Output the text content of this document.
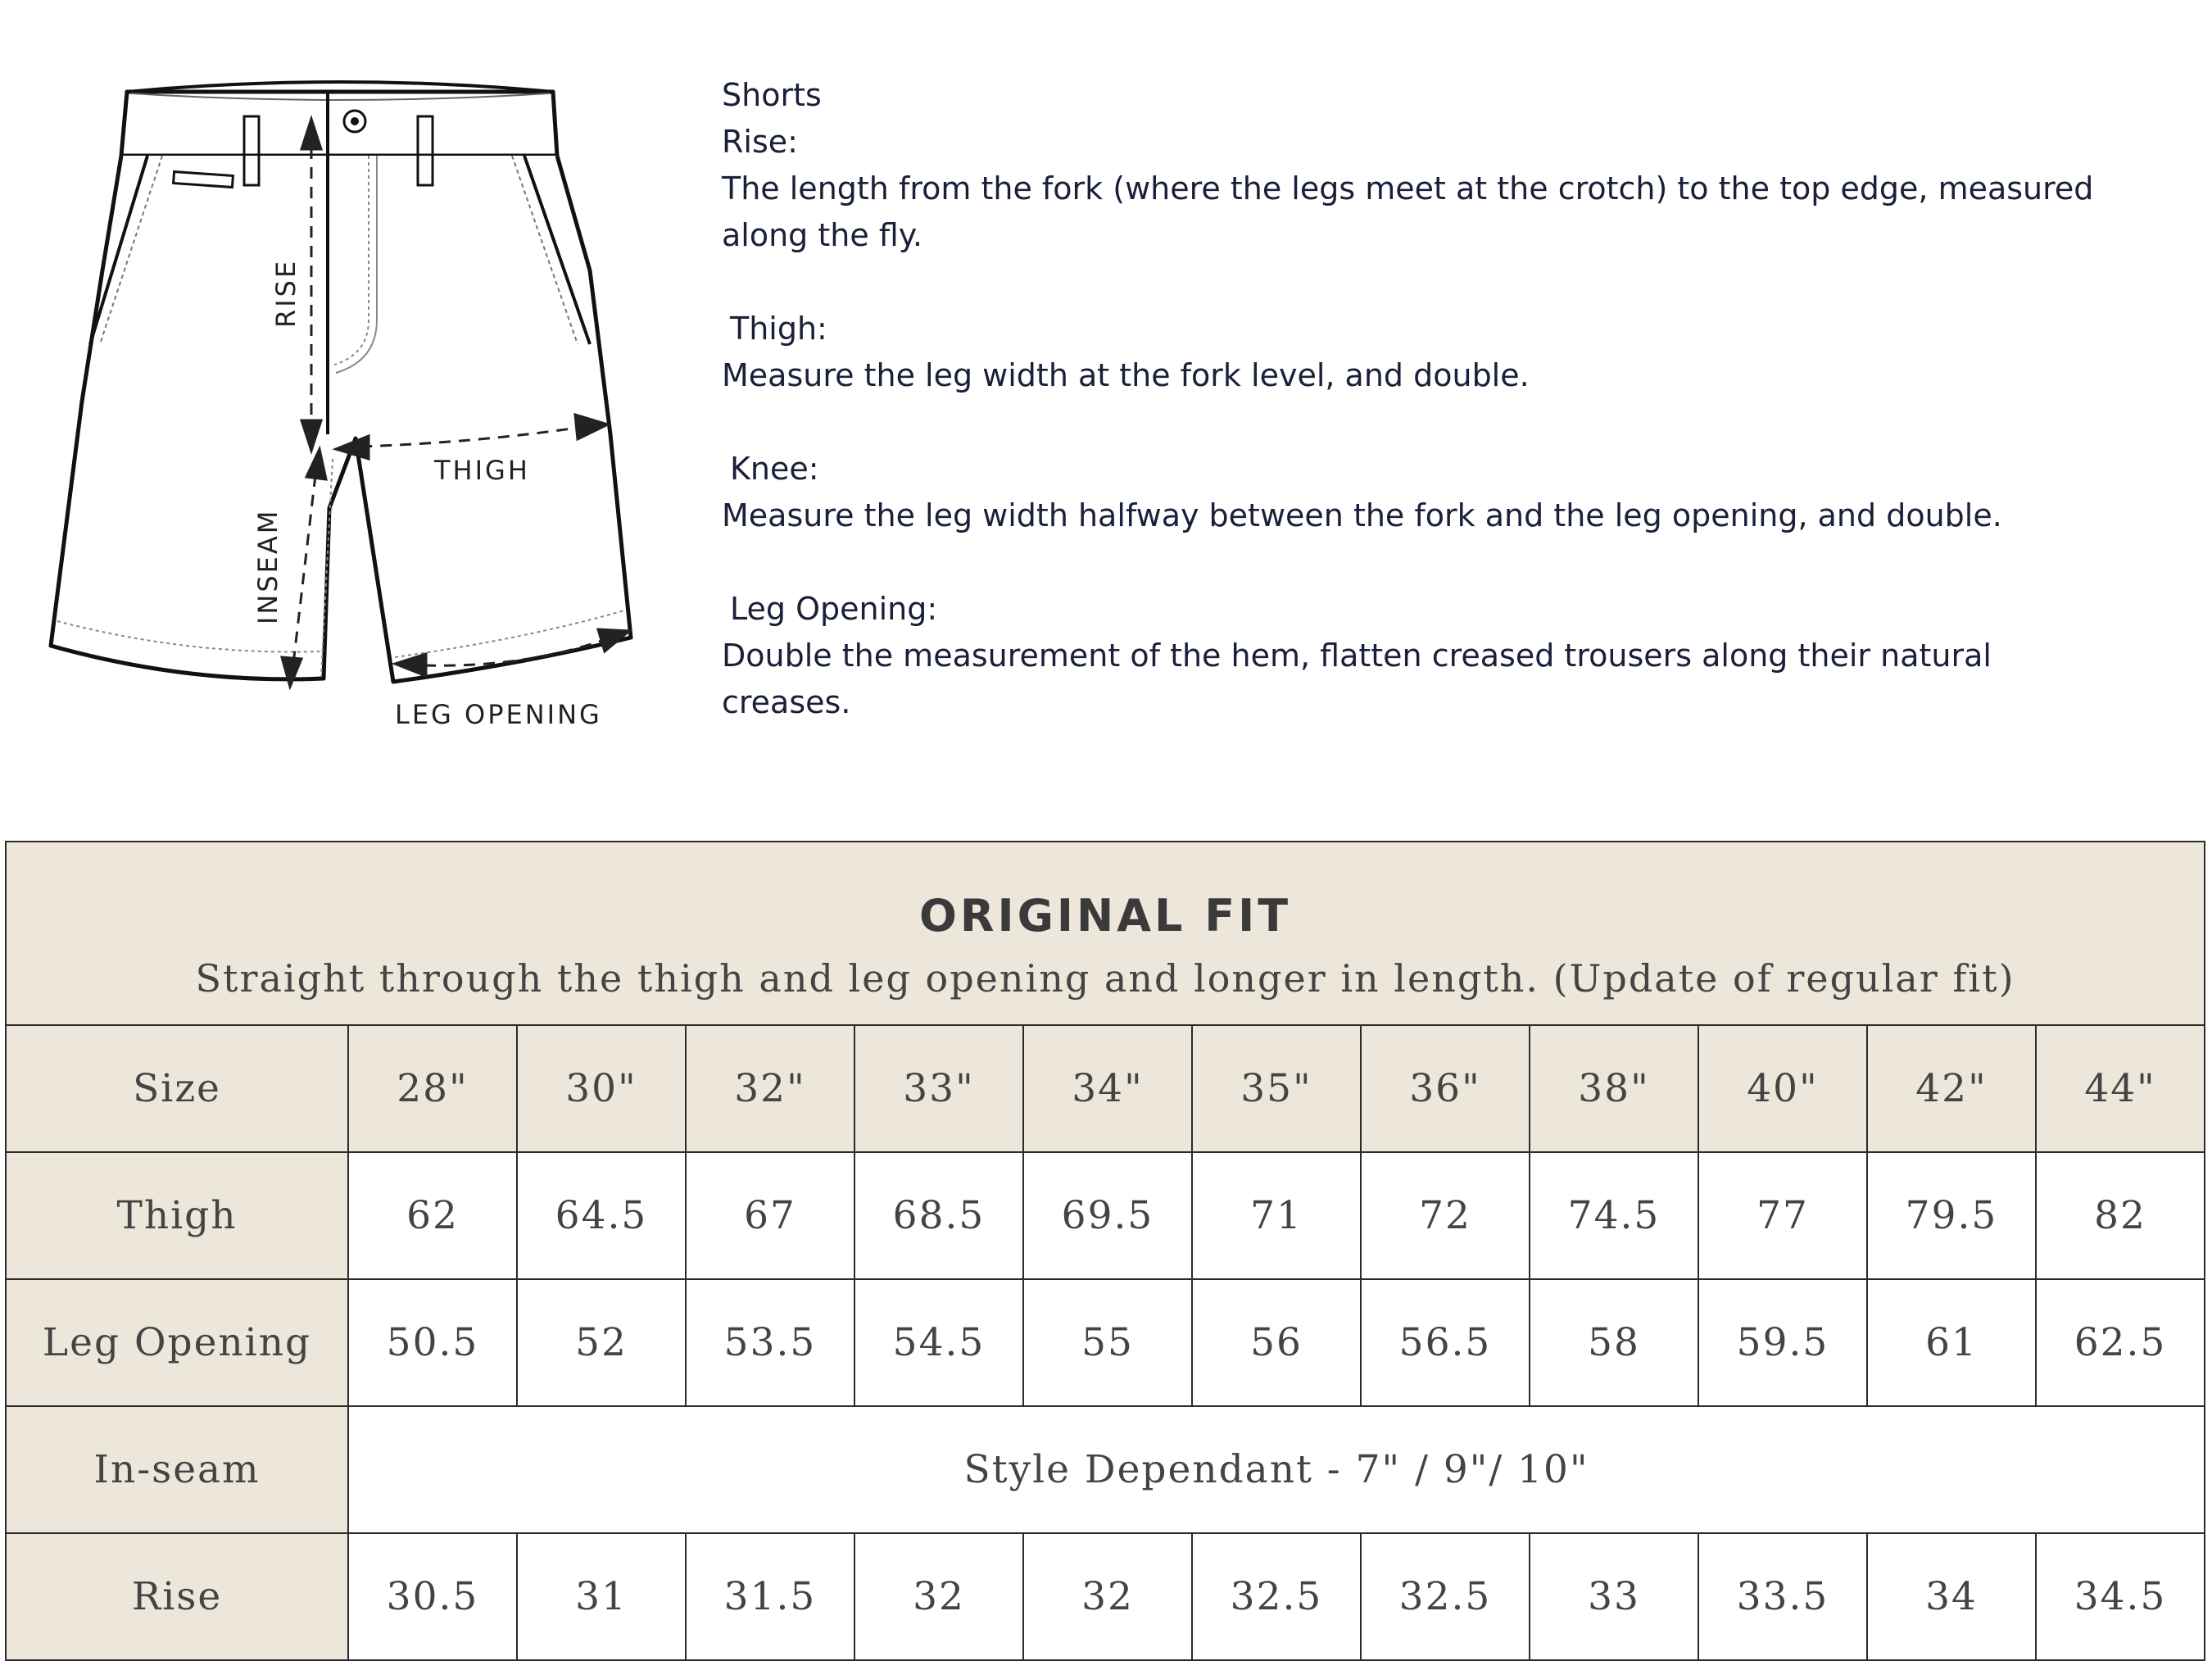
RISE
THIGH
INSEAM
LEG OPENING
Shorts
Rise:
The length from the fork (where the legs meet at the crotch) to the top edge, measured
along the fly.
Thigh:
Measure the leg width at the fork level, and double.
Knee:
Measure the leg width halfway between the fork and the leg opening, and double.
Leg Opening:
Double the measurement of the hem, flatten creased trousers along their natural
creases.
ORIGINAL FIT
Straight through the thigh and leg opening and longer in length. (Update of regular fit)											

Size	28"	30"	32"	33"	34"	35"	36"	38"	40"	42"	44"
Thigh	62	64.5	67	68.5	69.5	71	72	74.5	77	79.5	82
Leg Opening	50.5	52	53.5	54.5	55	56	56.5	58	59.5	61	62.5
In-seam	Style Dependant - 7" / 9"/ 10"										
Rise	30.5	31	31.5	32	32	32.5	32.5	33	33.5	34	34.5
